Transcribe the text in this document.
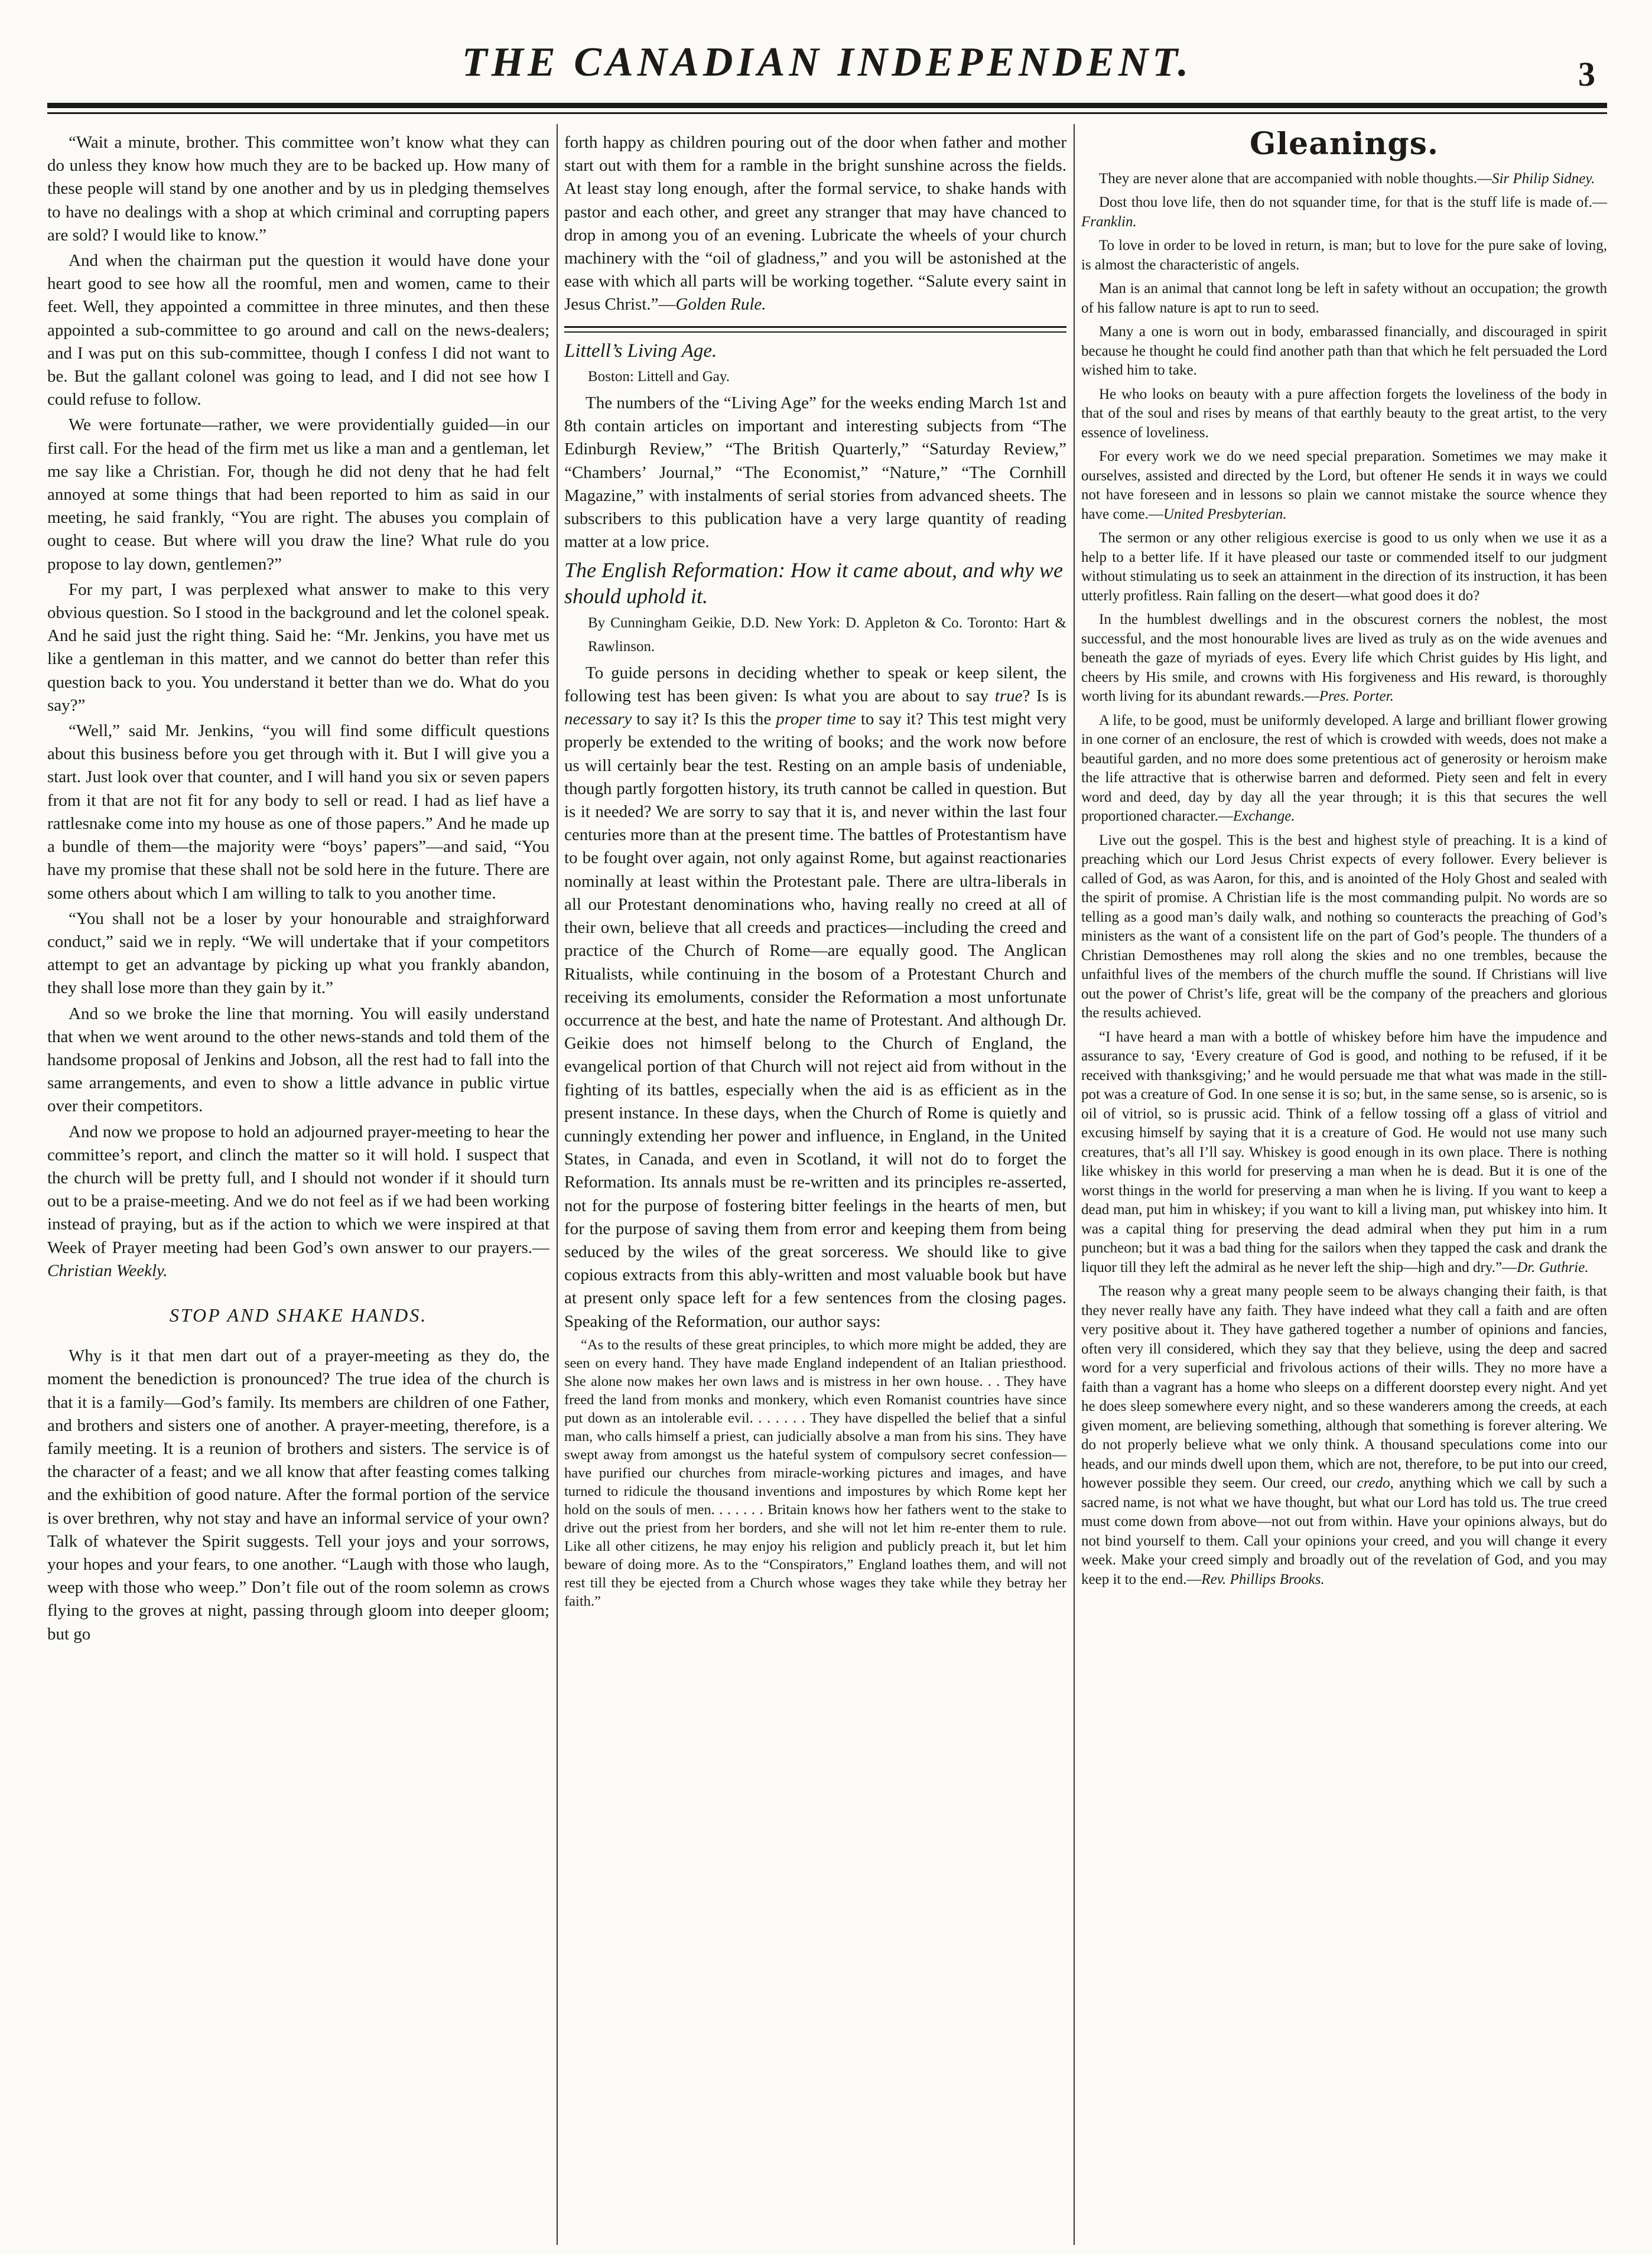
THE CANADIAN INDEPENDENT.	3

“Wait a minute, brother. This committee won’t know what they can do unless they know how much they are to be backed up. How many of these people will stand by one another and by us in pledging themselves to have no dealings with a shop at which criminal and corrupting papers are sold? I would like to know.”

And when the chairman put the question it would have done your heart good to see how all the roomful, men and women, came to their feet. Well, they appointed a committee in three minutes, and then these appointed a sub-committee to go around and call on the news-dealers; and I was put on this sub-committee, though I confess I did not want to be. But the gallant colonel was going to lead, and I did not see how I could refuse to follow.

We were fortunate—rather, we were providentially guided—in our first call. For the head of the firm met us like a man and a gentleman, let me say like a Christian. For, though he did not deny that he had felt annoyed at some things that had been reported to him as said in our meeting, he said frankly, “You are right. The abuses you complain of ought to cease. But where will you draw the line? What rule do you propose to lay down, gentlemen?”

For my part, I was perplexed what answer to make to this very obvious question. So I stood in the background and let the colonel speak. And he said just the right thing. Said he: “Mr. Jenkins, you have met us like a gentleman in this matter, and we cannot do better than refer this question back to you. You understand it better than we do. What do you say?”

“Well,” said Mr. Jenkins, “you will find some difficult questions about this business before you get through with it. But I will give you a start. Just look over that counter, and I will hand you six or seven papers from it that are not fit for any body to sell or read. I had as lief have a rattlesnake come into my house as one of those papers.” And he made up a bundle of them—the majority were “boys’ papers”—and said, “You have my promise that these shall not be sold here in the future. There are some others about which I am willing to talk to you another time.

“You shall not be a loser by your honourable and straighforward conduct,” said we in reply. “We will undertake that if your competitors attempt to get an advantage by picking up what you frankly abandon, they shall lose more than they gain by it.”

And so we broke the line that morning. You will easily understand that when we went around to the other news-stands and told them of the handsome proposal of Jenkins and Jobson, all the rest had to fall into the same arrangements, and even to show a little advance in public virtue over their competitors.

And now we propose to hold an adjourned prayer-meeting to hear the committee’s report, and clinch the matter so it will hold. I suspect that the church will be pretty full, and I should not wonder if it should turn out to be a praise-meeting. And we do not feel as if we had been working instead of praying, but as if the action to which we were inspired at that Week of Prayer meeting had been God’s own answer to our prayers.—Christian Weekly.

STOP AND SHAKE HANDS.

Why is it that men dart out of a prayer-meeting as they do, the moment the benediction is pronounced? The true idea of the church is that it is a family—God’s family. Its members are children of one Father, and brothers and sisters one of another. A prayer-meeting, therefore, is a family meeting. It is a reunion of brothers and sisters. The service is of the character of a feast; and we all know that after feasting comes talking and the exhibition of good nature. After the formal portion of the service is over brethren, why not stay and have an informal service of your own? Talk of whatever the Spirit suggests. Tell your joys and your sorrows, your hopes and your fears, to one another. “Laugh with those who laugh, weep with those who weep.” Don’t file out of the room solemn as crows flying to the groves at night, passing through gloom into deeper gloom; but go

forth happy as children pouring out of the door when father and mother start out with them for a ramble in the bright sunshine across the fields. At least stay long enough, after the formal service, to shake hands with pastor and each other, and greet any stranger that may have chanced to drop in among you of an evening. Lubricate the wheels of your church machinery with the “oil of gladness,” and you will be astonished at the ease with which all parts will be working together. “Salute every saint in Jesus Christ.”—Golden Rule.

Littell’s Living Age.
Boston: Littell and Gay.

The numbers of the “Living Age” for the weeks ending March 1st and 8th contain articles on important and interesting subjects from “The Edinburgh Review,” “The British Quarterly,” “Saturday Review,” “Chambers’ Journal,” “The Economist,” “Nature,” “The Cornhill Magazine,” with instalments of serial stories from advanced sheets. The subscribers to this publication have a very large quantity of reading matter at a low price.

The English Reformation: How it came about, and why we should uphold it.
By Cunningham Geikie, D.D. New York: D. Appleton & Co. Toronto: Hart & Rawlinson.

To guide persons in deciding whether to speak or keep silent, the following test has been given: Is what you are about to say true? Is is necessary to say it? Is this the proper time to say it? This test might very properly be extended to the writing of books; and the work now before us will certainly bear the test. Resting on an ample basis of undeniable, though partly forgotten history, its truth cannot be called in question. But is it needed? We are sorry to say that it is, and never within the last four centuries more than at the present time. The battles of Protestantism have to be fought over again, not only against Rome, but against reactionaries nominally at least within the Protestant pale. There are ultra-liberals in all our Protestant denominations who, having really no creed at all of their own, believe that all creeds and practices—including the creed and practice of the Church of Rome—are equally good. The Anglican Ritualists, while continuing in the bosom of a Protestant Church and receiving its emoluments, consider the Reformation a most unfortunate occurrence at the best, and hate the name of Protestant. And although Dr. Geikie does not himself belong to the Church of England, the evangelical portion of that Church will not reject aid from without in the fighting of its battles, especially when the aid is as efficient as in the present instance. In these days, when the Church of Rome is quietly and cunningly extending her power and influence, in England, in the United States, in Canada, and even in Scotland, it will not do to forget the Reformation. Its annals must be re-written and its principles re-asserted, not for the purpose of fostering bitter feelings in the hearts of men, but for the purpose of saving them from error and keeping them from being seduced by the wiles of the great sorceress. We should like to give copious extracts from this ably-written and most valuable book but have at present only space left for a few sentences from the closing pages. Speaking of the Reformation, our author says:

“As to the results of these great principles, to which more might be added, they are seen on every hand. They have made England independent of an Italian priesthood. She alone now makes her own laws and is mistress in her own house. . . They have freed the land from monks and monkery, which even Romanist countries have since put down as an intolerable evil. . . . . . . They have dispelled the belief that a sinful man, who calls himself a priest, can judicially absolve a man from his sins. They have swept away from amongst us the hateful system of compulsory secret confession—have purified our churches from miracle-working pictures and images, and have turned to ridicule the thousand inventions and impostures by which Rome kept her hold on the souls of men. . . . . . . Britain knows how her fathers went to the stake to drive out the priest from her borders, and she will not let him re-enter them to rule. Like all other citizens, he may enjoy his religion and publicly preach it, but let him beware of doing more. As to the “Conspirators,” England loathes them, and will not rest till they be ejected from a Church whose wages they take while they betray her faith.”

Gleanings.

They are never alone that are accompanied with noble thoughts.—Sir Philip Sidney.

Dost thou love life, then do not squander time, for that is the stuff life is made of.—Franklin.

To love in order to be loved in return, is man; but to love for the pure sake of loving, is almost the characteristic of angels.

Man is an animal that cannot long be left in safety without an occupation; the growth of his fallow nature is apt to run to seed.

Many a one is worn out in body, embarassed financially, and discouraged in spirit because he thought he could find another path than that which he felt persuaded the Lord wished him to take.

He who looks on beauty with a pure affection forgets the loveliness of the body in that of the soul and rises by means of that earthly beauty to the great artist, to the very essence of loveliness.

For every work we do we need special preparation. Sometimes we may make it ourselves, assisted and directed by the Lord, but oftener He sends it in ways we could not have foreseen and in lessons so plain we cannot mistake the source whence they have come.—United Presbyterian.

The sermon or any other religious exercise is good to us only when we use it as a help to a better life. If it have pleased our taste or commended itself to our judgment without stimulating us to seek an attainment in the direction of its instruction, it has been utterly profitless. Rain falling on the desert—what good does it do?

In the humblest dwellings and in the obscurest corners the noblest, the most successful, and the most honourable lives are lived as truly as on the wide avenues and beneath the gaze of myriads of eyes. Every life which Christ guides by His light, and cheers by His smile, and crowns with His forgiveness and His reward, is thoroughly worth living for its abundant rewards.—Pres. Porter.

A life, to be good, must be uniformly developed. A large and brilliant flower growing in one corner of an enclosure, the rest of which is crowded with weeds, does not make a beautiful garden, and no more does some pretentious act of generosity or heroism make the life attractive that is otherwise barren and deformed. Piety seen and felt in every word and deed, day by day all the year through; it is this that secures the well proportioned character.—Exchange.

Live out the gospel. This is the best and highest style of preaching. It is a kind of preaching which our Lord Jesus Christ expects of every follower. Every believer is called of God, as was Aaron, for this, and is anointed of the Holy Ghost and sealed with the spirit of promise. A Christian life is the most commanding pulpit. No words are so telling as a good man’s daily walk, and nothing so counteracts the preaching of God’s ministers as the want of a consistent life on the part of God’s people. The thunders of a Christian Demosthenes may roll along the skies and no one trembles, because the unfaithful lives of the members of the church muffle the sound. If Christians will live out the power of Christ’s life, great will be the company of the preachers and glorious the results achieved.

“I have heard a man with a bottle of whiskey before him have the impudence and assurance to say, ‘Every creature of God is good, and nothing to be refused, if it be received with thanksgiving;’ and he would persuade me that what was made in the still-pot was a creature of God. In one sense it is so; but, in the same sense, so is arsenic, so is oil of vitriol, so is prussic acid. Think of a fellow tossing off a glass of vitriol and excusing himself by saying that it is a creature of God. He would not use many such creatures, that’s all I’ll say. Whiskey is good enough in its own place. There is nothing like whiskey in this world for preserving a man when he is dead. But it is one of the worst things in the world for preserving a man when he is living. If you want to keep a dead man, put him in whiskey; if you want to kill a living man, put whiskey into him. It was a capital thing for preserving the dead admiral when they put him in a rum puncheon; but it was a bad thing for the sailors when they tapped the cask and drank the liquor till they left the admiral as he never left the ship—high and dry.”—Dr. Guthrie.

The reason why a great many people seem to be always changing their faith, is that they never really have any faith. They have indeed what they call a faith and are often very positive about it. They have gathered together a number of opinions and fancies, often very ill considered, which they say that they believe, using the deep and sacred word for a very superficial and frivolous actions of their wills. They no more have a faith than a vagrant has a home who sleeps on a different doorstep every night. And yet he does sleep somewhere every night, and so these wanderers among the creeds, at each given moment, are believing something, although that something is forever altering. We do not properly believe what we only think. A thousand speculations come into our heads, and our minds dwell upon them, which are not, therefore, to be put into our creed, however possible they seem. Our creed, our credo, anything which we call by such a sacred name, is not what we have thought, but what our Lord has told us. The true creed must come down from above—not out from within. Have your opinions always, but do not bind yourself to them. Call your opinions your creed, and you will change it every week. Make your creed simply and broadly out of the revelation of God, and you may keep it to the end.—Rev. Phillips Brooks.
